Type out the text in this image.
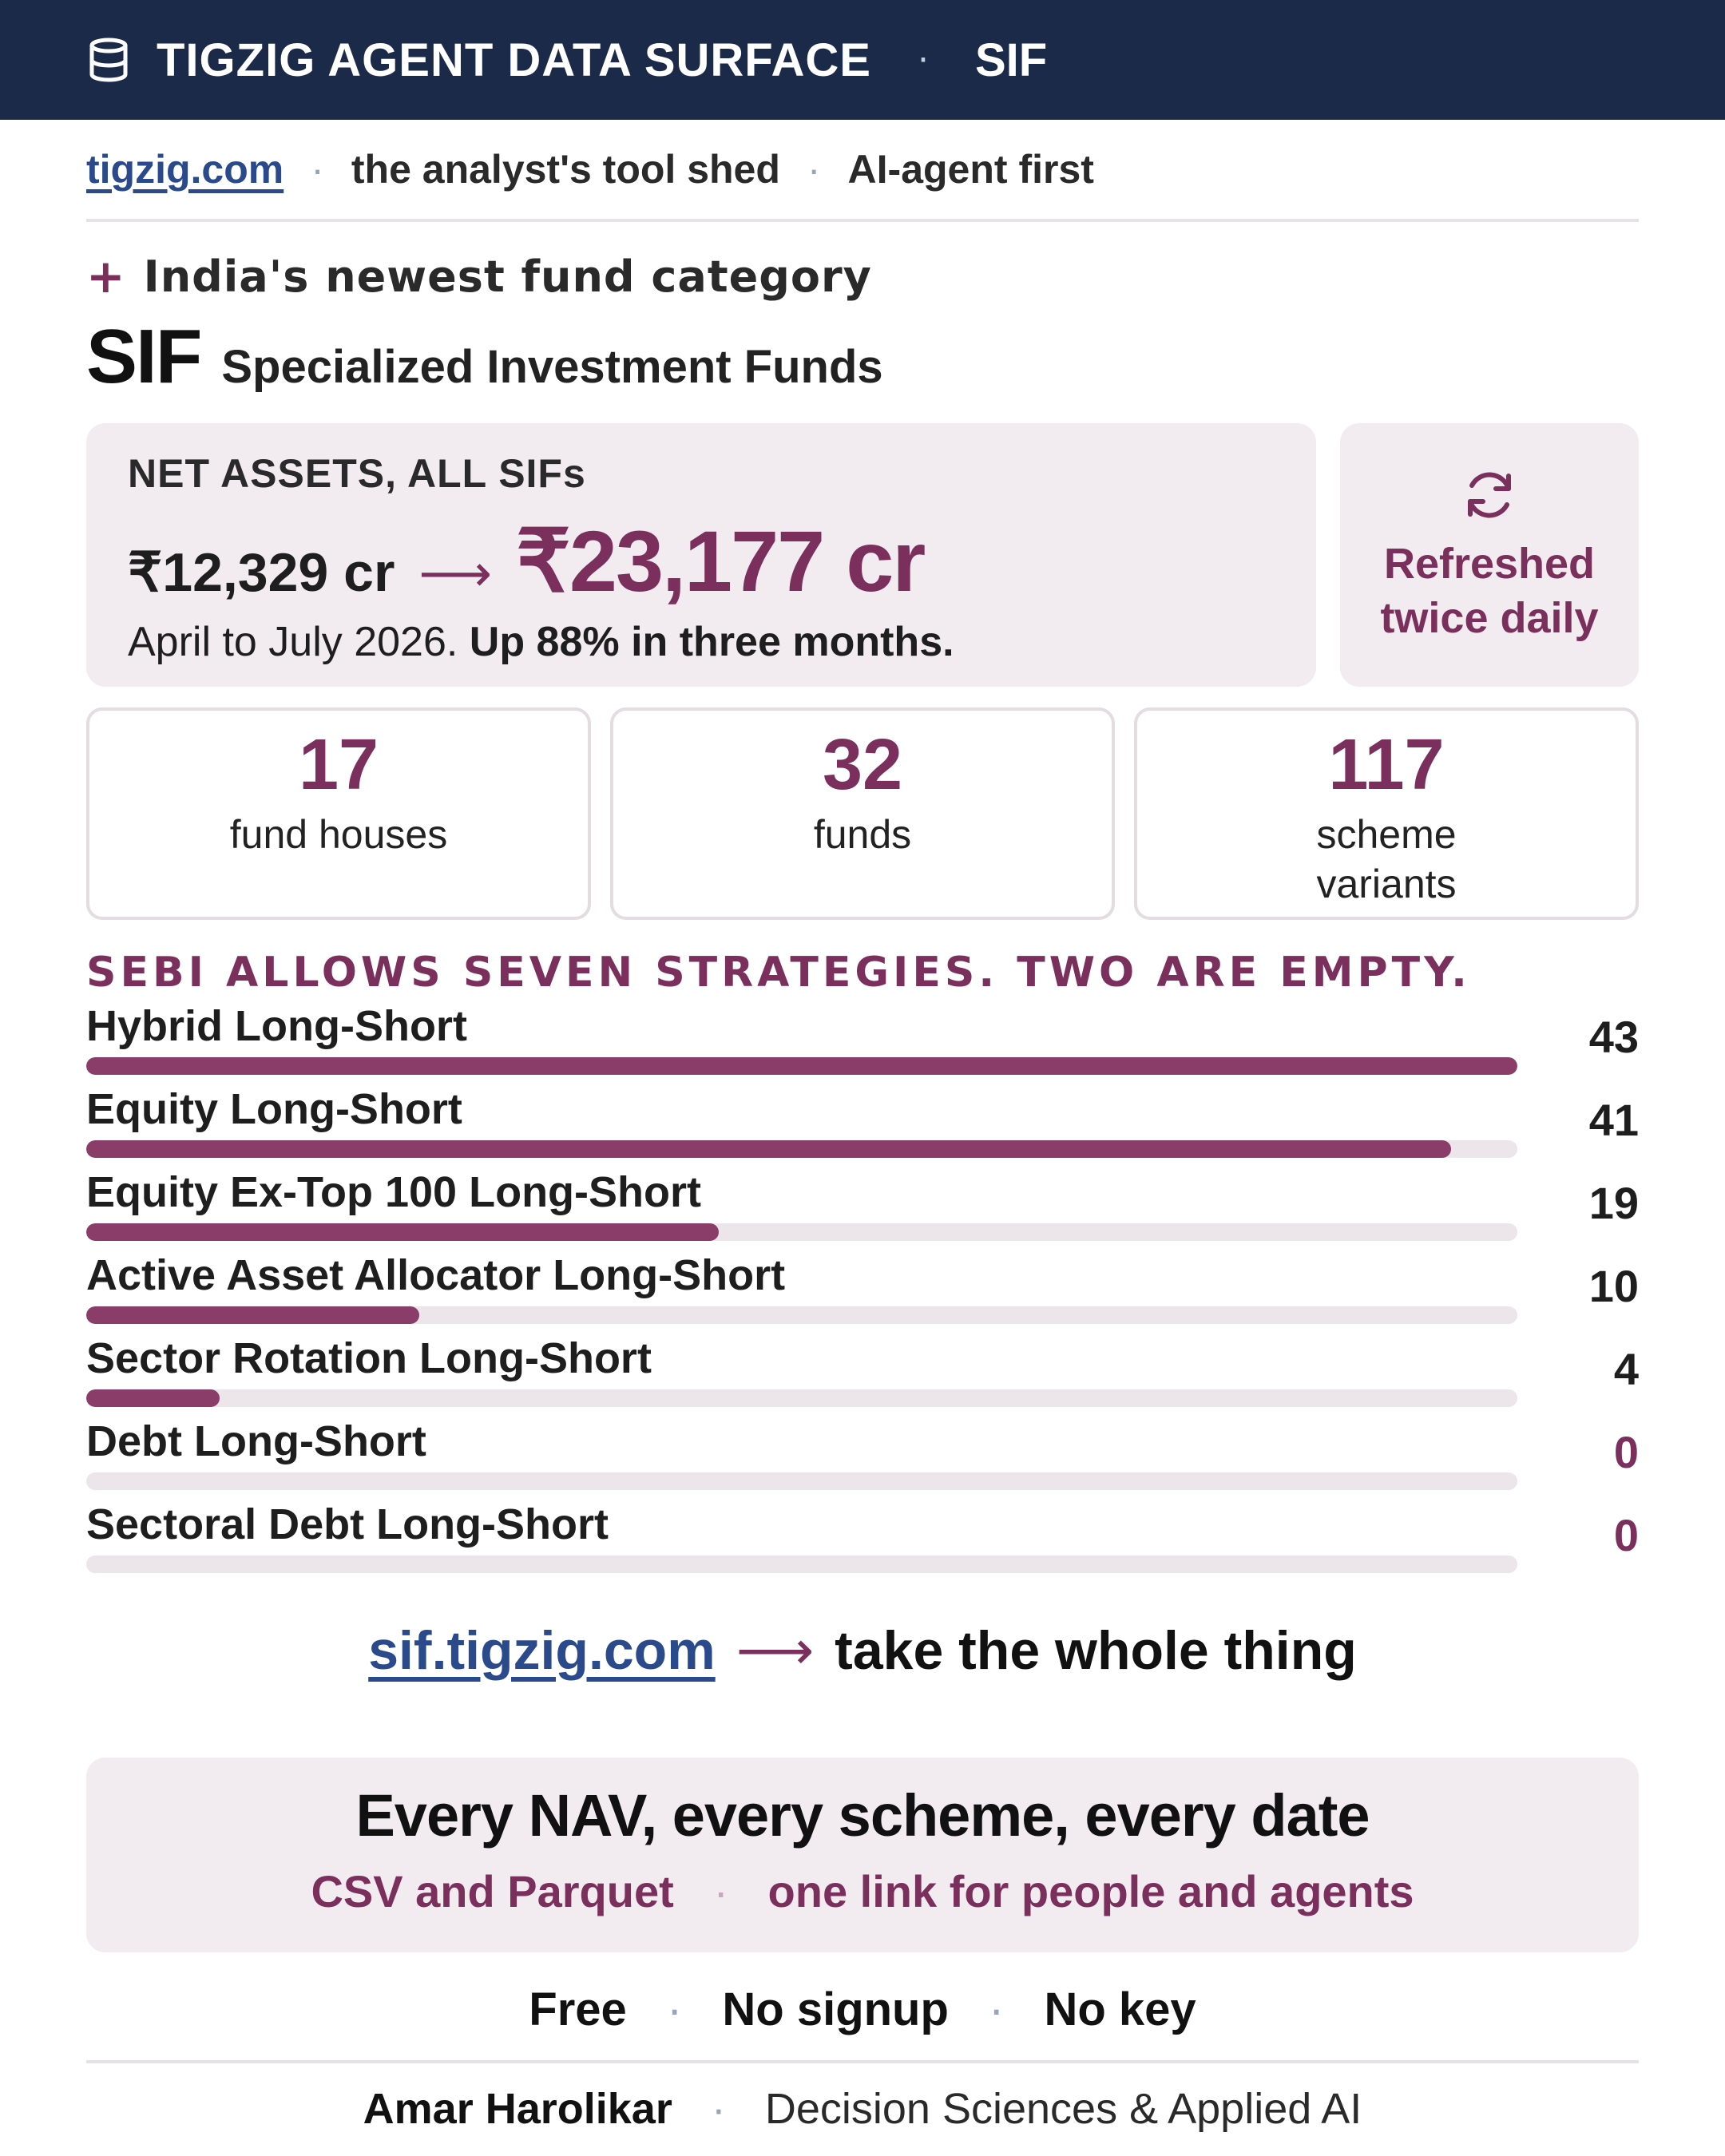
TIGZIG AGENT DATA SURFACE · SIF
tigzig.com · the analyst's tool shed · AI-agent first
+ India's newest fund category
SIF Specialized Investment Funds
NET ASSETS, ALL SIFs
₹12,329 cr ⟶ ₹23,177 cr
April to July 2026. Up 88% in three months.
Refreshed
twice daily
17
fund houses
32
funds
117
scheme variants
SEBI ALLOWS SEVEN STRATEGIES. TWO ARE EMPTY.
Hybrid Long-Short	43
Equity Long-Short	41
Equity Ex-Top 100 Long-Short	19
Active Asset Allocator Long-Short	10
Sector Rotation Long-Short	4
Debt Long-Short	0
Sectoral Debt Long-Short	0
sif.tigzig.com ⟶ take the whole thing
Every NAV, every scheme, every date
CSV and Parquet · one link for people and agents
Free · No signup · No key
Amar Harolikar · Decision Sciences & Applied AI
